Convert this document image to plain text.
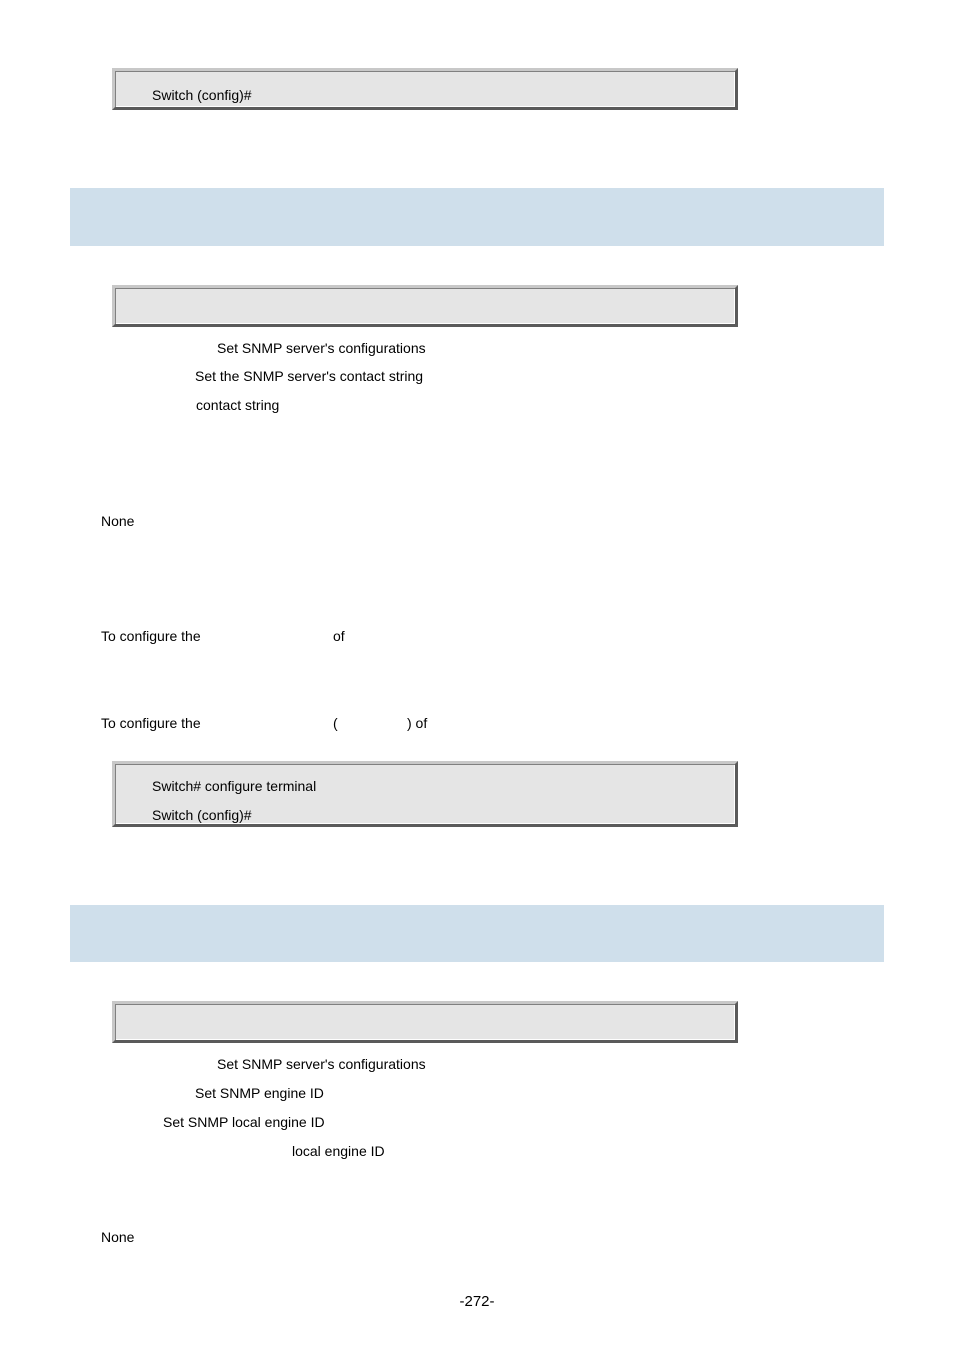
Switch (config)#
Set SNMP server's configurations
Set the SNMP server's contact string
contact string
None
To configure the	of
To configure the	(	) of
Switch# configure terminal
Switch (config)#
Set SNMP server's configurations
Set SNMP engine ID
Set SNMP local engine ID
local engine ID
None
-272-
